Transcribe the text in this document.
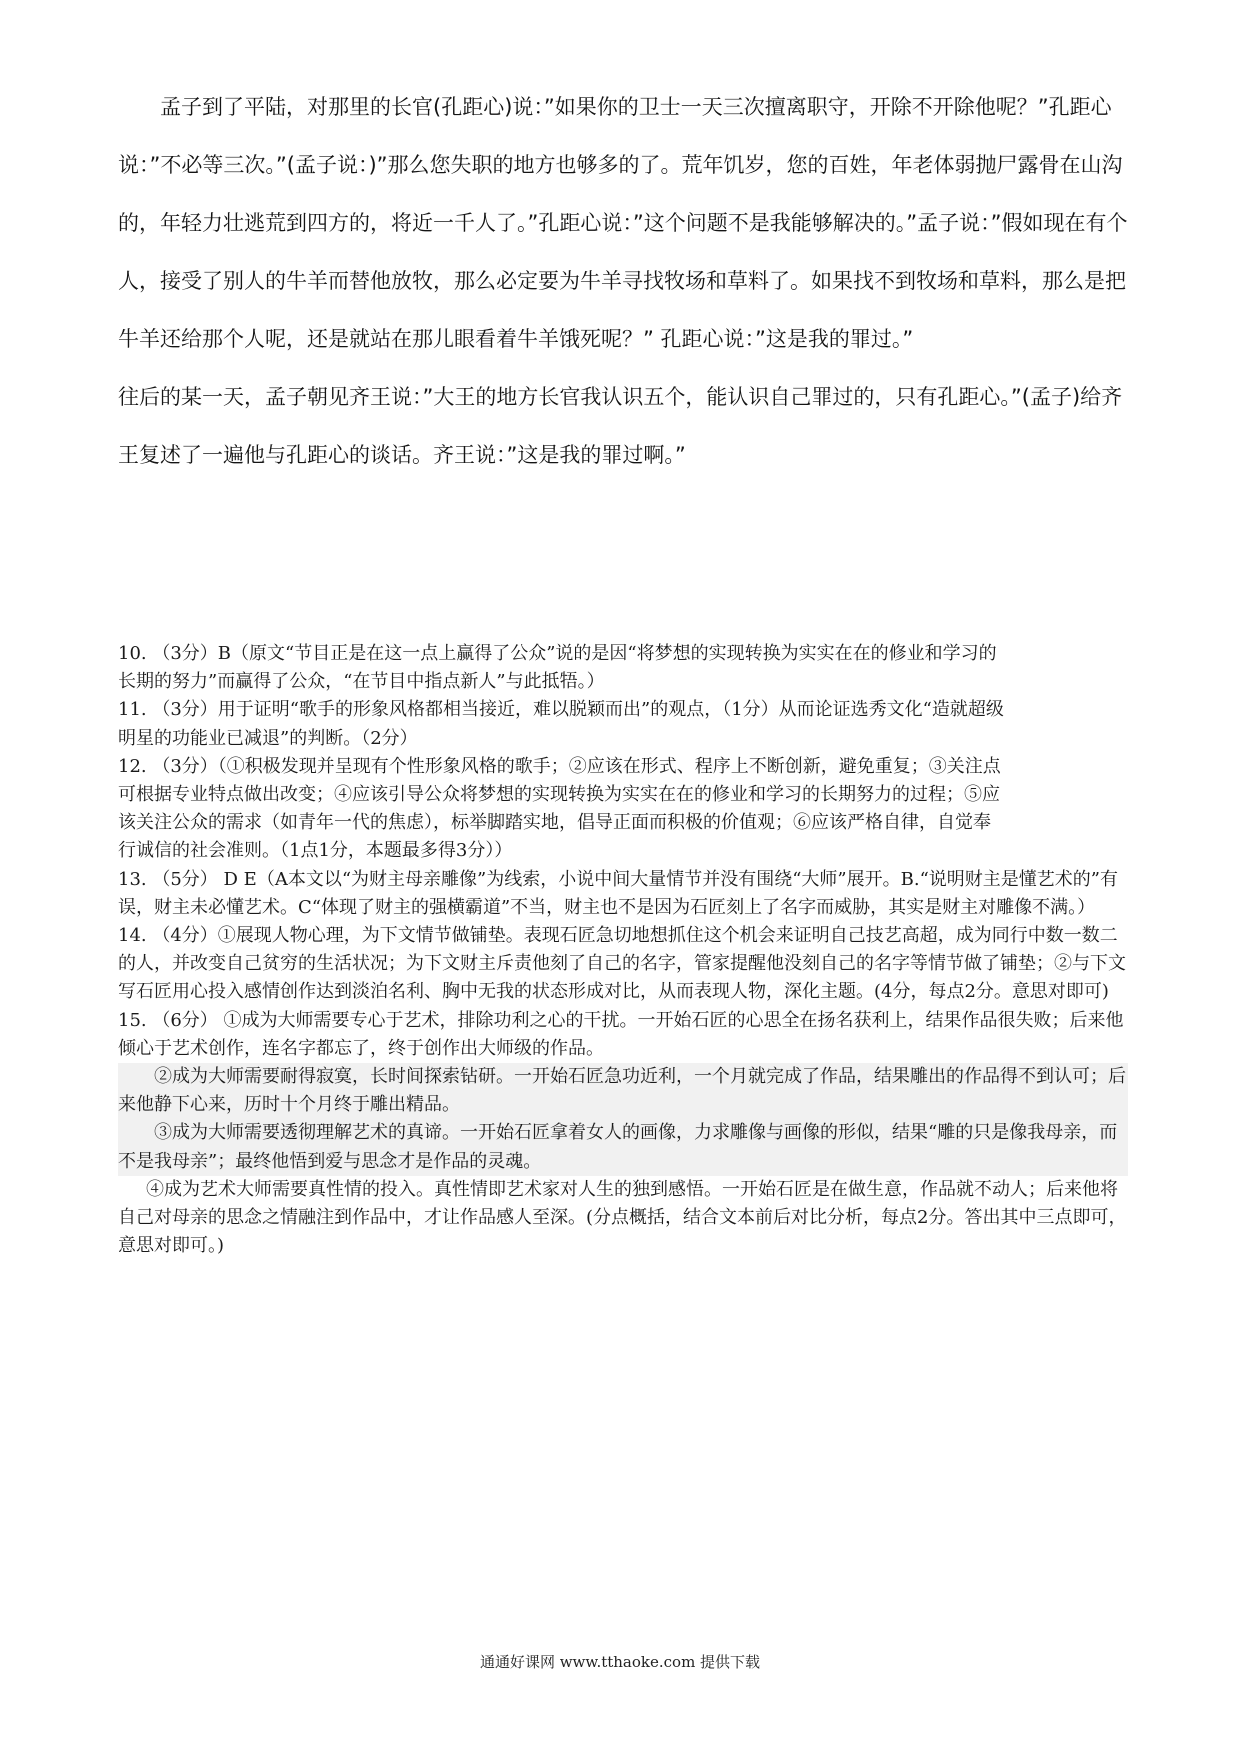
孟子到了平陆，对那里的长官(孔距心)说：”如果你的卫士一天三次擅离职守，开除不开除他呢？”孔距心说：”不必等三次。”(孟子说：)”那么您失职的地方也够多的了。荒年饥岁，您的百姓，年老体弱抛尸露骨在山沟的，年轻力壮逃荒到四方的，将近一千人了。”孔距心说：”这个问题不是我能够解决的。”孟子说：”假如现在有个人，接受了别人的牛羊而替他放牧，那么必定要为牛羊寻找牧场和草料了。如果找不到牧场和草料，那么是把牛羊还给那个人呢，还是就站在那儿眼看着牛羊饿死呢？” 孔距心说：”这是我的罪过。”

往后的某一天，孟子朝见齐王说：”大王的地方长官我认识五个，能认识自己罪过的，只有孔距心。”(孟子)给齐王复述了一遍他与孔距心的谈话。齐王说：”这是我的罪过啊。”

10. （3分）B（原文“节目正是在这一点上赢得了公众”说的是因“将梦想的实现转换为实实在在的修业和学习的长期的努力”而赢得了公众，“在节目中指点新人”与此抵牾。）

11. （3分）用于证明“歌手的形象风格都相当接近，难以脱颖而出”的观点，（1分）从而论证选秀文化“造就超级明星的功能业已减退”的判断。（2分）

12. （3分）（①积极发现并呈现有个性形象风格的歌手；②应该在形式、程序上不断创新，避免重复；③关注点可根据专业特点做出改变；④应该引导公众将梦想的实现转换为实实在在的修业和学习的长期努力的过程；⑤应该关注公众的需求（如青年一代的焦虑），标举脚踏实地，倡导正面而积极的价值观；⑥应该严格自律，自觉奉行诚信的社会准则。（1点1分，本题最多得3分））

13. （5分） D E（A本文以“为财主母亲雕像”为线索，小说中间大量情节并没有围绕“大师”展开。B.“说明财主是懂艺术的”有误，财主未必懂艺术。C“体现了财主的强横霸道”不当，财主也不是因为石匠刻上了名字而威胁，其实是财主对雕像不满。）

14. （4分）①展现人物心理，为下文情节做铺垫。表现石匠急切地想抓住这个机会来证明自己技艺高超，成为同行中数一数二的人，并改变自己贫穷的生活状况；为下文财主斥责他刻了自己的名字，管家提醒他没刻自己的名字等情节做了铺垫；②与下文写石匠用心投入感情创作达到淡泊名利、胸中无我的状态形成对比，从而表现人物，深化主题。(4分，每点2分。意思对即可)

15. （6分） ①成为大师需要专心于艺术，排除功利之心的干扰。一开始石匠的心思全在扬名获利上，结果作品很失败；后来他倾心于艺术创作，连名字都忘了，终于创作出大师级的作品。

②成为大师需要耐得寂寞，长时间探索钻研。一开始石匠急功近利，一个月就完成了作品，结果雕出的作品得不到认可；后来他静下心来，历时十个月终于雕出精品。

③成为大师需要透彻理解艺术的真谛。一开始石匠拿着女人的画像，力求雕像与画像的形似，结果“雕的只是像我母亲，而不是我母亲”；最终他悟到爱与思念才是作品的灵魂。

④成为艺术大师需要真性情的投入。真性情即艺术家对人生的独到感悟。一开始石匠是在做生意，作品就不动人；后来他将自己对母亲的思念之情融注到作品中，才让作品感人至深。(分点概括，结合文本前后对比分析，每点2分。答出其中三点即可，意思对即可。)

通通好课网 www.tthaoke.com 提供下载
